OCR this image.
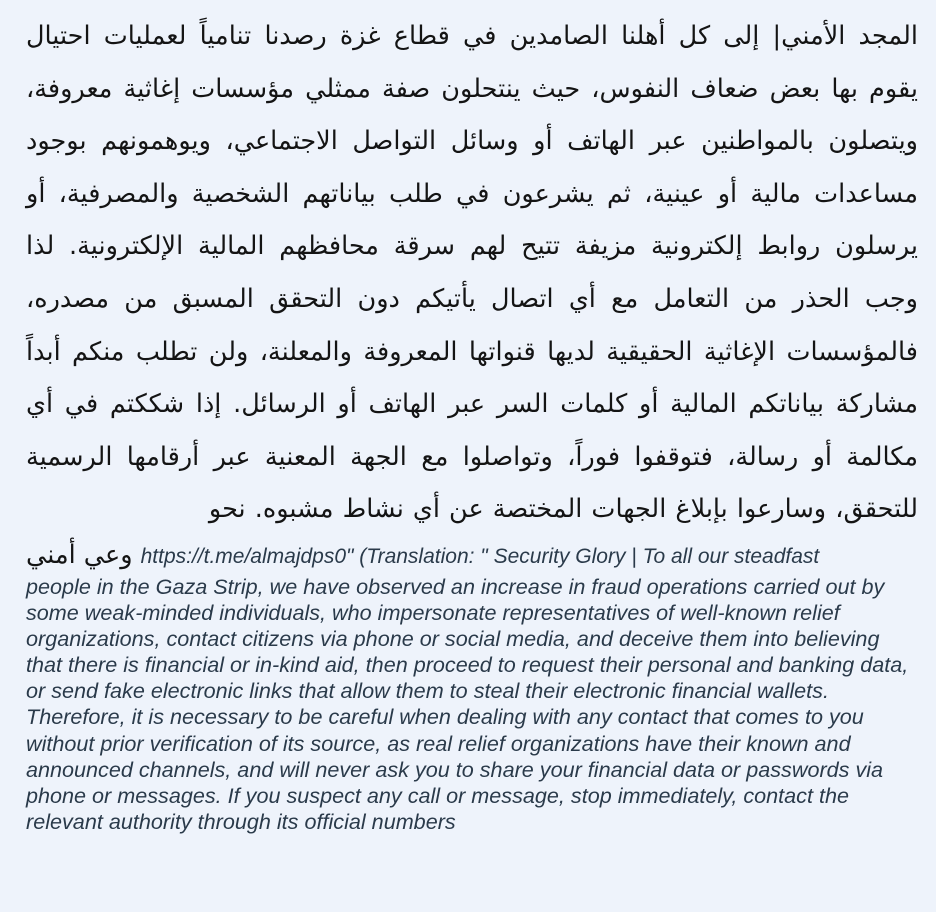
المجد الأمني| إلى كل أهلنا الصامدين في قطاع غزة رصدنا تنامياً لعمليات احتيال يقوم بها بعض ضعاف النفوس، حيث ينتحلون صفة ممثلي مؤسسات إغاثية معروفة، ويتصلون بالمواطنين عبر الهاتف أو وسائل التواصل الاجتماعي، ويوهمونهم بوجود مساعدات مالية أو عينية، ثم يشرعون في طلب بياناتهم الشخصية والمصرفية، أو يرسلون روابط إلكترونية مزيفة تتيح لهم سرقة محافظهم المالية الإلكترونية. لذا وجب الحذر من التعامل مع أي اتصال يأتيكم دون التحقق المسبق من مصدره، فالمؤسسات الإغاثية الحقيقية لديها قنواتها المعروفة والمعلنة، ولن تطلب منكم أبداً مشاركة بياناتكم المالية أو كلمات السر عبر الهاتف أو الرسائل. إذا شككتم في أي مكالمة أو رسالة، فتوقفوا فوراً، وتواصلوا مع الجهة المعنية عبر أرقامها الرسمية للتحقق، وسارعوا بإبلاغ الجهات المختصة عن أي نشاط مشبوه. نحو

وعي أمني https://t.me/almajdps0" (Translation: " Security Glory | To all our steadfast

people in the Gaza Strip, we have observed an increase in fraud operations carried out by some weak-minded individuals, who impersonate representatives of well-known relief organizations, contact citizens via phone or social media, and deceive them into believing that there is financial or in-kind aid, then proceed to request their personal and banking data, or send fake electronic links that allow them to steal their electronic financial wallets. Therefore, it is necessary to be careful when dealing with any contact that comes to you without prior verification of its source, as real relief organizations have their known and announced channels, and will never ask you to share your financial data or passwords via phone or messages. If you suspect any call or message, stop immediately, contact the relevant authority through its official numbers
